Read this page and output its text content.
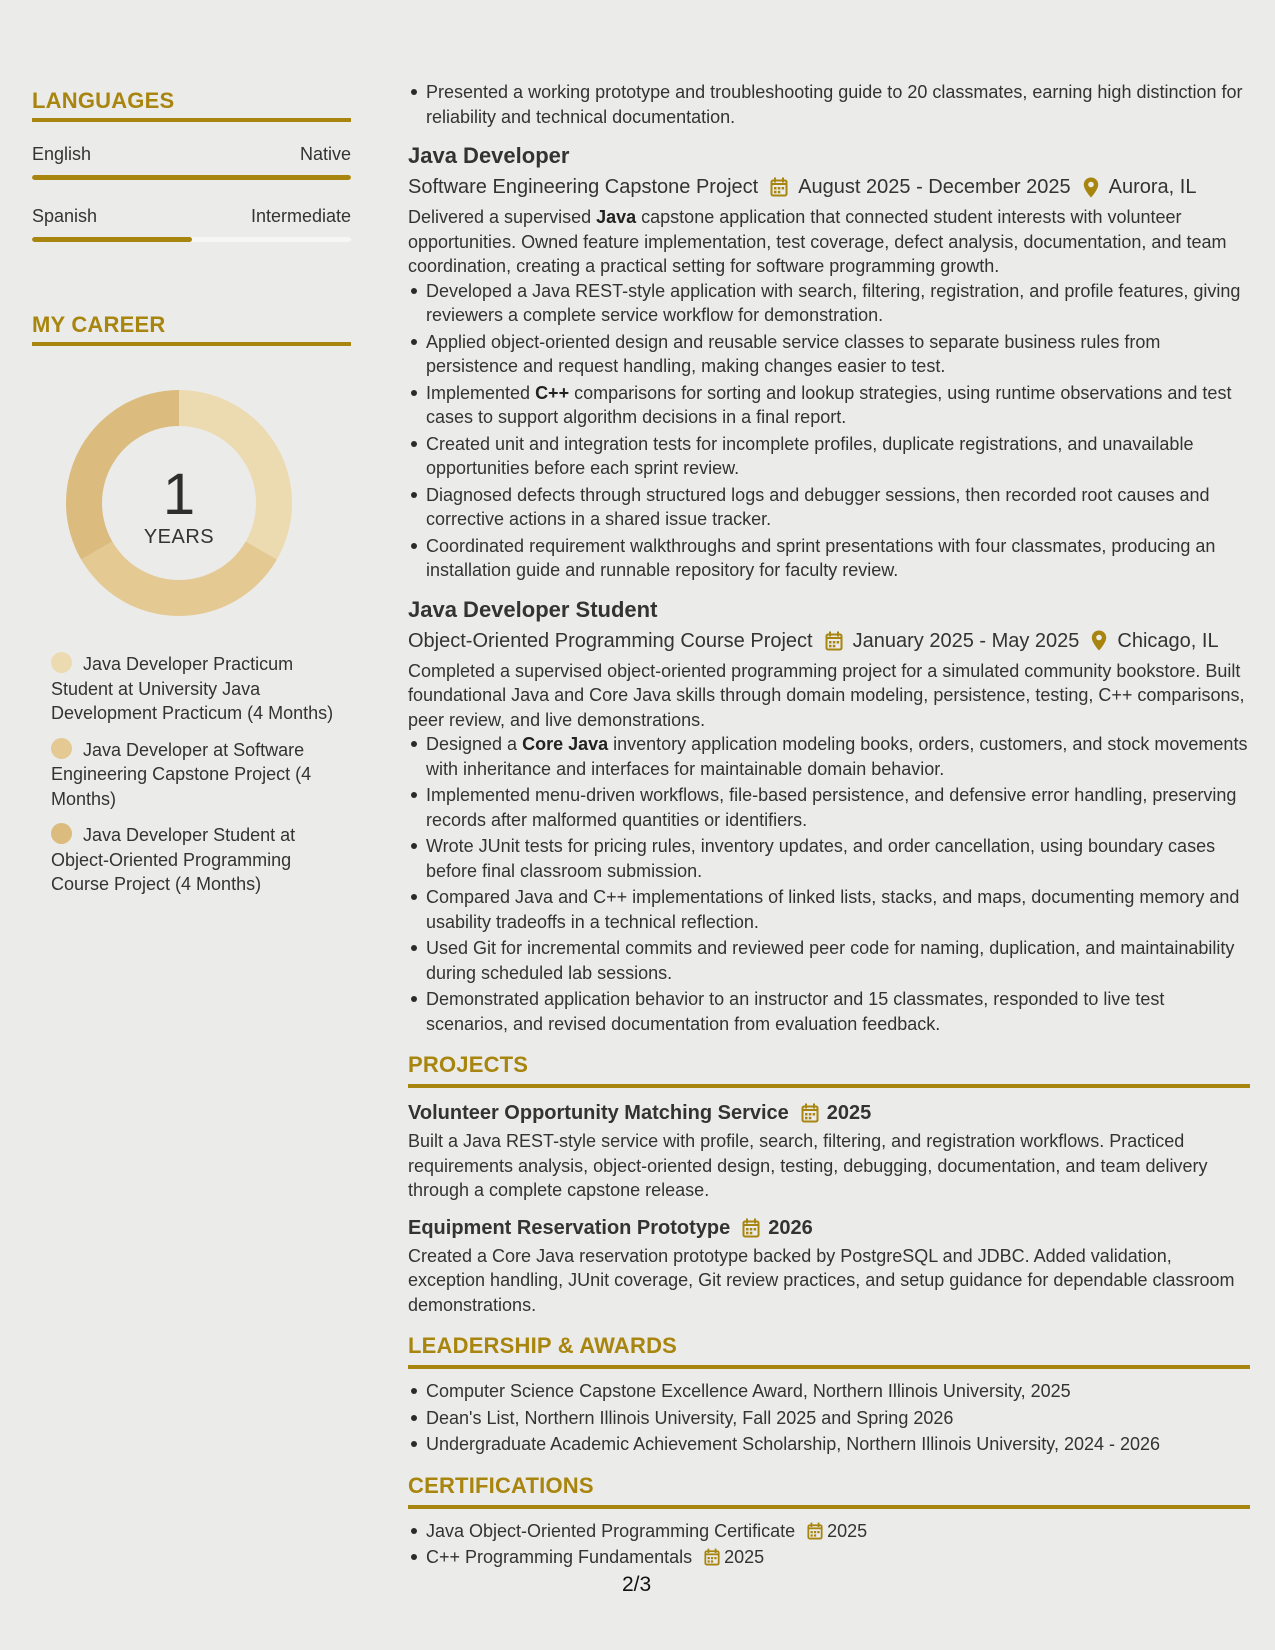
LANGUAGES
English	Native
Spanish	Intermediate
MY CAREER
1
YEARS
Java Developer Practicum Student at University Java Development Practicum (4 Months)
Java Developer at Software Engineering Capstone Project (4 Months)
Java Developer Student at Object-Oriented Programming Course Project (4 Months)
Presented a working prototype and troubleshooting guide to 20 classmates, earning high distinction for reliability and technical documentation.
Java Developer
Software Engineering Capstone Project August 2025 - December 2025 Aurora, IL
Delivered a supervised Java capstone application that connected student interests with volunteer opportunities. Owned feature implementation, test coverage, defect analysis, documentation, and team coordination, creating a practical setting for software programming growth.
Developed a Java REST-style application with search, filtering, registration, and profile features, giving reviewers a complete service workflow for demonstration.
Applied object-oriented design and reusable service classes to separate business rules from persistence and request handling, making changes easier to test.
Implemented C++ comparisons for sorting and lookup strategies, using runtime observations and test cases to support algorithm decisions in a final report.
Created unit and integration tests for incomplete profiles, duplicate registrations, and unavailable opportunities before each sprint review.
Diagnosed defects through structured logs and debugger sessions, then recorded root causes and corrective actions in a shared issue tracker.
Coordinated requirement walkthroughs and sprint presentations with four classmates, producing an installation guide and runnable repository for faculty review.
Java Developer Student
Object-Oriented Programming Course Project January 2025 - May 2025 Chicago, IL
Completed a supervised object-oriented programming project for a simulated community bookstore. Built foundational Java and Core Java skills through domain modeling, persistence, testing, C++ comparisons, peer review, and live demonstrations.
Designed a Core Java inventory application modeling books, orders, customers, and stock movements with inheritance and interfaces for maintainable domain behavior.
Implemented menu-driven workflows, file-based persistence, and defensive error handling, preserving records after malformed quantities or identifiers.
Wrote JUnit tests for pricing rules, inventory updates, and order cancellation, using boundary cases before final classroom submission.
Compared Java and C++ implementations of linked lists, stacks, and maps, documenting memory and usability tradeoffs in a technical reflection.
Used Git for incremental commits and reviewed peer code for naming, duplication, and maintainability during scheduled lab sessions.
Demonstrated application behavior to an instructor and 15 classmates, responded to live test scenarios, and revised documentation from evaluation feedback.
PROJECTS
Volunteer Opportunity Matching Service 2025
Built a Java REST-style service with profile, search, filtering, and registration workflows. Practiced requirements analysis, object-oriented design, testing, debugging, documentation, and team delivery through a complete capstone release.
Equipment Reservation Prototype 2026
Created a Core Java reservation prototype backed by PostgreSQL and JDBC. Added validation, exception handling, JUnit coverage, Git review practices, and setup guidance for dependable classroom demonstrations.
LEADERSHIP & AWARDS
Computer Science Capstone Excellence Award, Northern Illinois University, 2025
Dean's List, Northern Illinois University, Fall 2025 and Spring 2026
Undergraduate Academic Achievement Scholarship, Northern Illinois University, 2024 - 2026
CERTIFICATIONS
Java Object-Oriented Programming Certificate 2025
C++ Programming Fundamentals 2025
2/3
